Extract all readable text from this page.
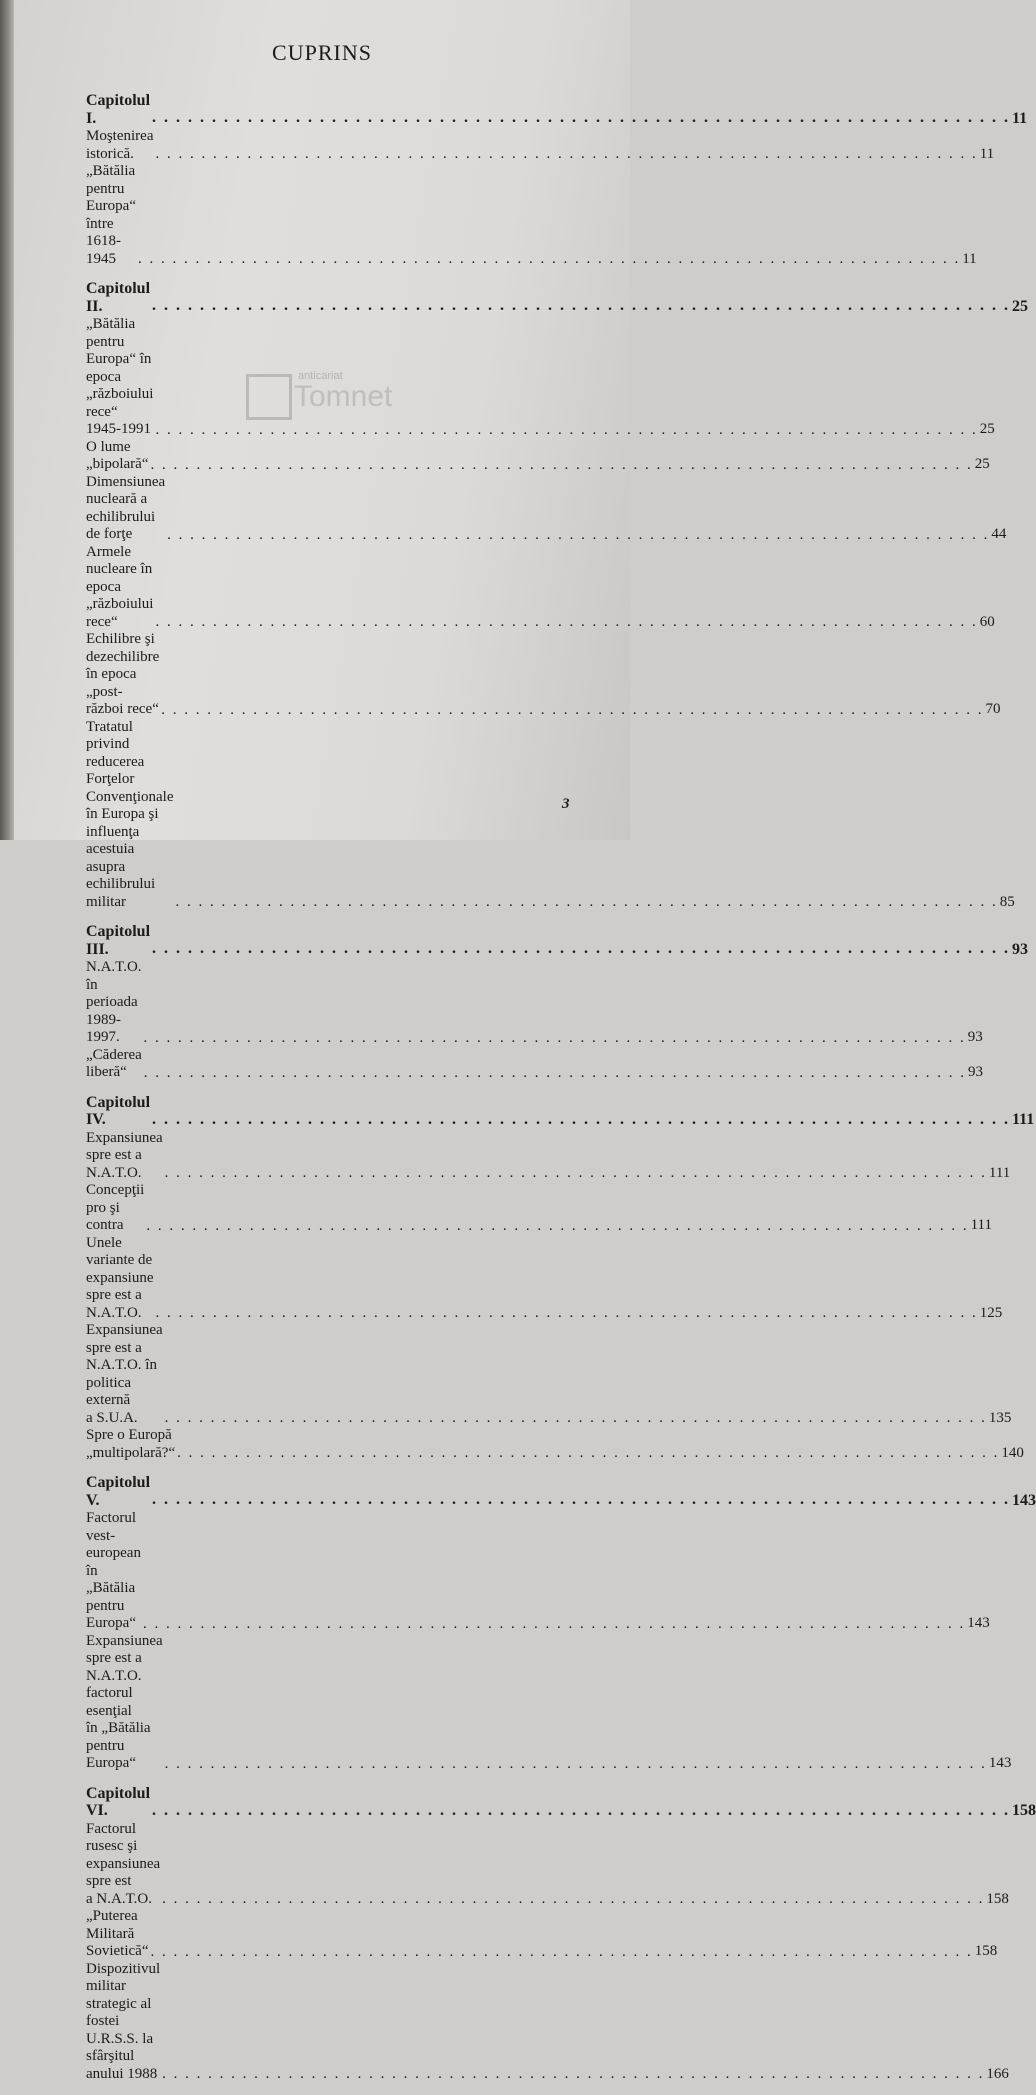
CUPRINS
anticariat
Tomnet
Capitolul I. . . .	11
Moştenirea istorică. . . .	11
„Bătălia pentru Europa“ între 1618-1945 . . .	11
Capitolul II. . . .	25
„Bătălia pentru Europa“ în epoca
„războiului rece“ 1945-1991 . . .	25
O lume „bipolară“ . . .	25
Dimensiunea nucleară a echilibrului de forţe . . .	44
Armele nucleare în epoca „războiului rece“ . . .	60
Echilibre şi dezechilibre în epoca
„post-război rece“ . . .	70
Tratatul privind reducerea Forţelor Convenţionale
în Europa şi influenţa acestuia asupra echilibrului
militar . . .	85
Capitolul III. . . .	93
N.A.T.O. în perioada 1989-1997. . . .	93
„Căderea liberă“ . . .	93
Capitolul IV. . . .	111
Expansiunea spre est a N.A.T.O. . . .	111
Concepţii pro şi contra . . .	111
Unele variante de expansiune spre est a N.A.T.O. . . .	125
Expansiunea spre est a N.A.T.O. în politica externă
a S.U.A. . . .	135
Spre o Europă „multipolară?“ . . .	140
Capitolul V. . . .	143
Factorul vest-european în „Bătălia pentru Europa“ . . .	143
Expansiunea spre est a N.A.T.O. factorul esenţial
în „Bătălia pentru Europa“ . . .	143
Capitolul VI. . . .	158
Factorul rusesc şi expansiunea spre est
a N.A.T.O. . . .	158
„Puterea Militară Sovietică“ . . .	158
Dispozitivul militar strategic al fostei U.R.S.S. la
sfârşitul anului 1988 . . .	166
3
